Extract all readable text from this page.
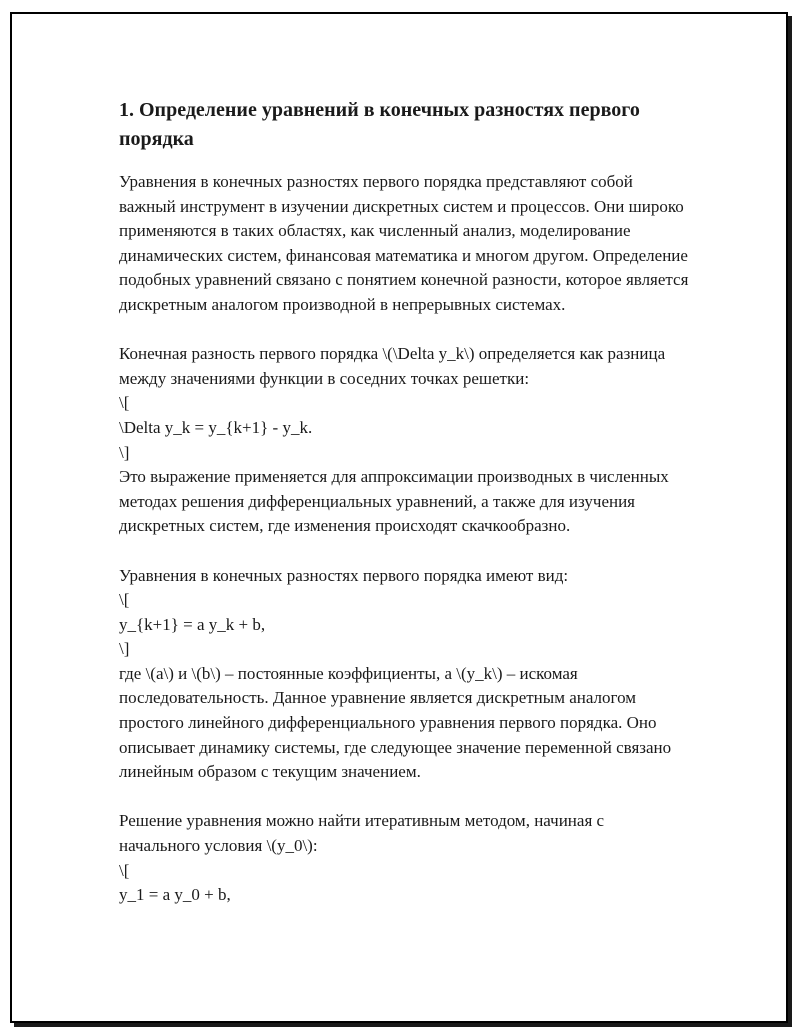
1. Определение уравнений в конечных разностях первого порядка

Уравнения в конечных разностях первого порядка представляют собой важный инструмент в изучении дискретных систем и процессов. Они широко применяются в таких областях, как численный анализ, моделирование динамических систем, финансовая математика и многом другом. Определение подобных уравнений связано с понятием конечной разности, которое является дискретным аналогом производной в непрерывных системах.

Конечная разность первого порядка \(\Delta y_k\) определяется как разница между значениями функции в соседних точках решетки:
\[
\Delta y_k = y_{k+1} - y_k.
\]
Это выражение применяется для аппроксимации производных в численных методах решения дифференциальных уравнений, а также для изучения дискретных систем, где изменения происходят скачкообразно.

Уравнения в конечных разностях первого порядка имеют вид:
\[
y_{k+1} = a y_k + b,
\]
где \(a\) и \(b\) – постоянные коэффициенты, а \(y_k\) – искомая последовательность. Данное уравнение является дискретным аналогом простого линейного дифференциального уравнения первого порядка. Оно описывает динамику системы, где следующее значение переменной связано линейным образом с текущим значением.

Решение уравнения можно найти итеративным методом, начиная с начального условия \(y_0\):
\[
y_1 = a y_0 + b,
